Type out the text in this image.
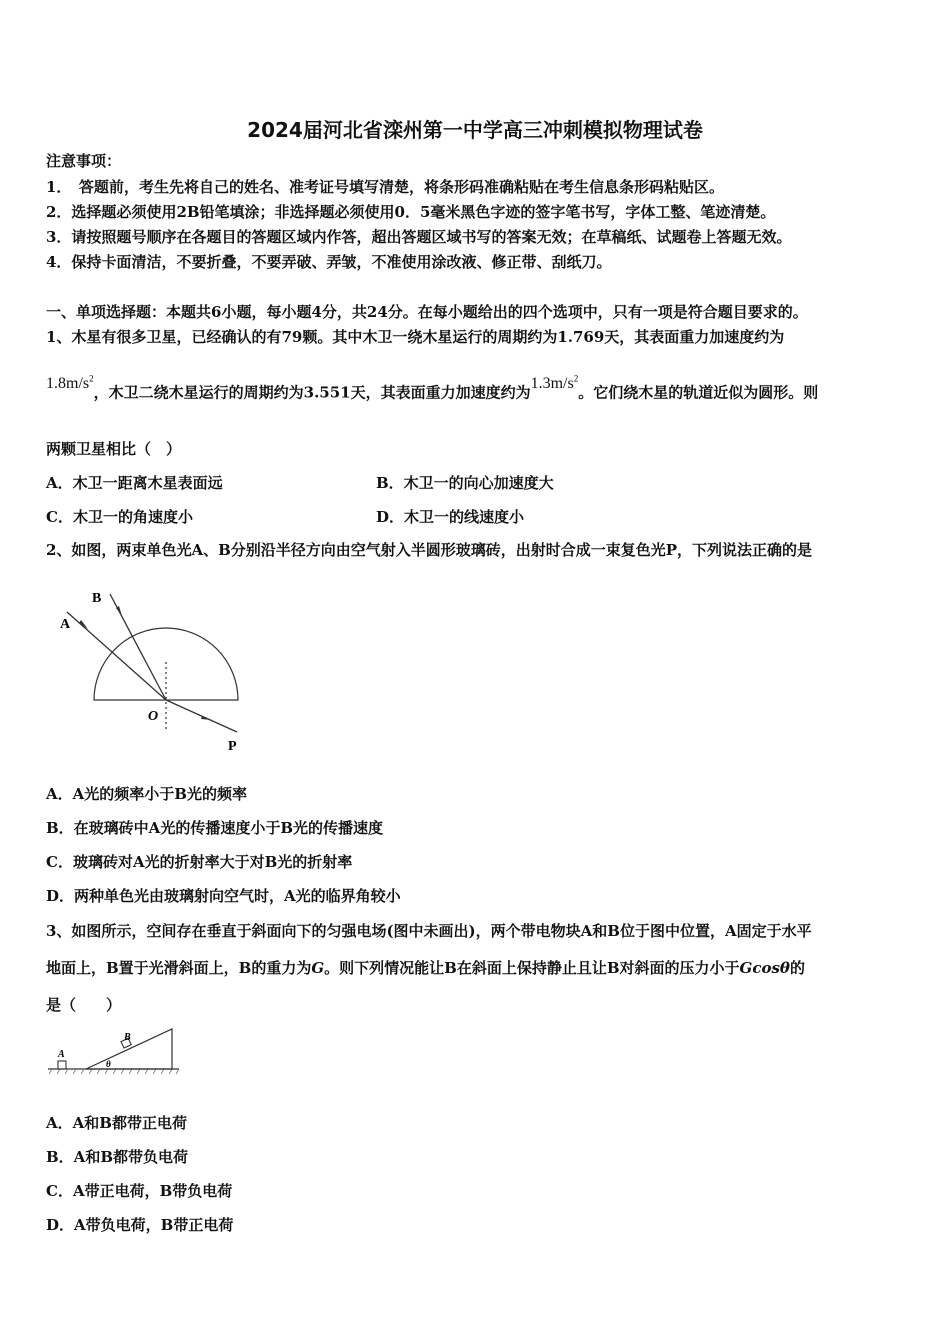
2024届河北省滦州第一中学高三冲刺模拟物理试卷
注意事项：
1．　答题前，考生先将自己的姓名、准考证号填写清楚，将条形码准确粘贴在考生信息条形码粘贴区。
2．选择题必须使用2B铅笔填涂；非选择题必须使用0．5毫米黑色字迹的签字笔书写，字体工整、笔迹清楚。
3．请按照题号顺序在各题目的答题区域内作答，超出答题区域书写的答案无效；在草稿纸、试题卷上答题无效。
4．保持卡面清洁，不要折叠，不要弄破、弄皱，不准使用涂改液、修正带、刮纸刀。
一、单项选择题：本题共6小题，每小题4分，共24分。在每小题给出的四个选项中，只有一项是符合题目要求的。
1、木星有很多卫星，已经确认的有79颗。其中木卫一绕木星运行的周期约为1.769天，其表面重力加速度约为
$1.8m/s^2$，木卫二绕木星运行的周期约为3.551天，其表面重力加速度约为$1.3m/s^2$。它们绕木星的轨道近似为圆形。则
两颗卫星相比（　）
A．木卫一距离木星表面远	B．木卫一的向心加速度大
C．木卫一的角速度小	D．木卫一的线速度小
2、如图，两束单色光A、B分别沿半径方向由空气射入半圆形玻璃砖，出射时合成一束复色光P，下列说法正确的是
A
B
O
P
A．A光的频率小于B光的频率
B．在玻璃砖中A光的传播速度小于B光的传播速度
C．玻璃砖对A光的折射率大于对B光的折射率
D．两种单色光由玻璃射向空气时，A光的临界角较小
3、如图所示，空间存在垂直于斜面向下的匀强电场(图中未画出)，两个带电物块A和B位于图中位置，A固定于水平
地面上，B置于光滑斜面上，B的重力为G。则下列情况能让B在斜面上保持静止且让B对斜面的压力小于Gcosθ的
是（　　）
A
B
θ
A．A和B都带正电荷
B．A和B都带负电荷
C．A带正电荷，B带负电荷
D．A带负电荷，B带正电荷
